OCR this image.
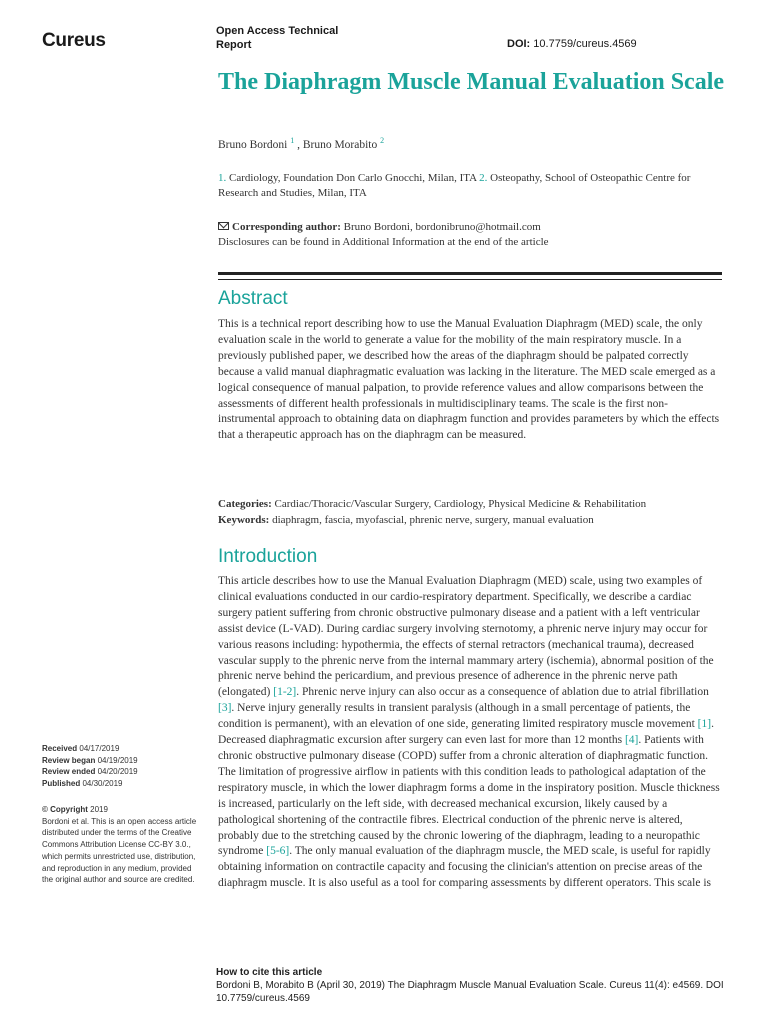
Cureus	Open Access Technical Report	DOI: 10.7759/cureus.4569
The Diaphragm Muscle Manual Evaluation Scale
Bruno Bordoni $^1$ , Bruno Morabito $^2$
1. Cardiology, Foundation Don Carlo Gnocchi, Milan, ITA 2. Osteopathy, School of Osteopathic Centre for Research and Studies, Milan, ITA
Corresponding author: Bruno Bordoni, bordonibruno@hotmail.com
Disclosures can be found in Additional Information at the end of the article
Abstract

This is a technical report describing how to use the Manual Evaluation Diaphragm (MED) scale, the only evaluation scale in the world to generate a value for the mobility of the main respiratory muscle. In a previously published paper, we described how the areas of the diaphragm should be palpated correctly because a valid manual diaphragmatic evaluation was lacking in the literature. The MED scale emerged as a logical consequence of manual palpation, to provide reference values and allow comparisons between the assessments of different health professionals in multidisciplinary teams. The scale is the first non-instrumental approach to obtaining data on diaphragm function and provides parameters by which the effects that a therapeutic approach has on the diaphragm can be measured.

Categories: Cardiac/Thoracic/Vascular Surgery, Cardiology, Physical Medicine & Rehabilitation
Keywords: diaphragm, fascia, myofascial, phrenic nerve, surgery, manual evaluation
Introduction

This article describes how to use the Manual Evaluation Diaphragm (MED) scale, using two examples of clinical evaluations conducted in our cardio-respiratory department. Specifically, we describe a cardiac surgery patient suffering from chronic obstructive pulmonary disease and a patient with a left ventricular assist device (L-VAD). During cardiac surgery involving sternotomy, a phrenic nerve injury may occur for various reasons including: hypothermia, the effects of sternal retractors (mechanical trauma), decreased vascular supply to the phrenic nerve from the internal mammary artery (ischemia), abnormal position of the phrenic nerve behind the pericardium, and previous presence of adherence in the phrenic nerve path (elongated) [1-2]. Phrenic nerve injury can also occur as a consequence of ablation due to atrial fibrillation [3]. Nerve injury generally results in transient paralysis (although in a small percentage of patients, the condition is permanent), with an elevation of one side, generating limited respiratory muscle movement [1]. Decreased diaphragmatic excursion after surgery can even last for more than 12 months [4]. Patients with chronic obstructive pulmonary disease (COPD) suffer from a chronic alteration of diaphragmatic function. The limitation of progressive airflow in patients with this condition leads to pathological adaptation of the respiratory muscle, in which the lower diaphragm forms a dome in the inspiratory position. Muscle thickness is increased, particularly on the left side, with decreased mechanical excursion, likely caused by a pathological shortening of the contractile fibres. Electrical conduction of the phrenic nerve is altered, probably due to the stretching caused by the chronic lowering of the diaphragm, leading to a neuropathic syndrome [5-6]. The only manual evaluation of the diaphragm muscle, the MED scale, is useful for rapidly obtaining information on contractile capacity and focusing the clinician's attention on precise areas of the diaphragm muscle. It is also useful as a tool for comparing assessments by different operators. This scale is

Received 04/17/2019
Review began 04/19/2019
Review ended 04/20/2019
Published 04/30/2019
© Copyright 2019
Bordoni et al. This is an open access article distributed under the terms of the Creative Commons Attribution License CC-BY 3.0., which permits unrestricted use, distribution, and reproduction in any medium, provided the original author and source are credited.
How to cite this article
Bordoni B, Morabito B (April 30, 2019) The Diaphragm Muscle Manual Evaluation Scale. Cureus 11(4): e4569. DOI 10.7759/cureus.4569
